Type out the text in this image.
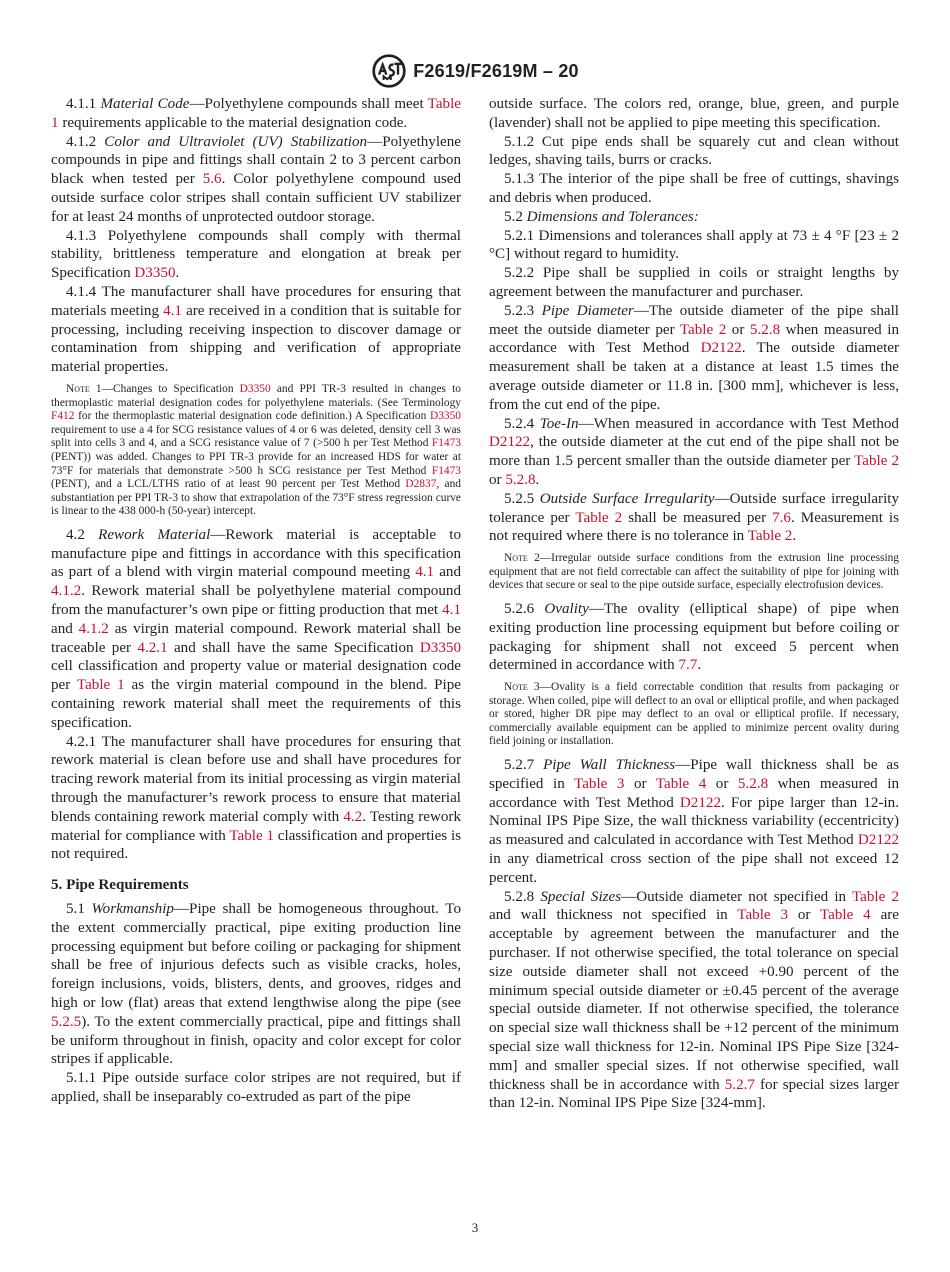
F2619/F2619M – 20

4.1.1 Material Code—Polyethylene compounds shall meet Table 1 requirements applicable to the material designation code.

4.1.2 Color and Ultraviolet (UV) Stabilization—Polyethylene compounds in pipe and fittings shall contain 2 to 3 percent carbon black when tested per 5.6. Color polyethylene compound used outside surface color stripes shall contain sufficient UV stabilizer for at least 24 months of unprotected outdoor storage.

4.1.3 Polyethylene compounds shall comply with thermal stability, brittleness temperature and elongation at break per Specification D3350.

4.1.4 The manufacturer shall have procedures for ensuring that materials meeting 4.1 are received in a condition that is suitable for processing, including receiving inspection to discover damage or contamination from shipping and verification of appropriate material properties.

Note 1—Changes to Specification D3350 and PPI TR-3 resulted in changes to thermoplastic material designation codes for polyethylene materials. (See Terminology F412 for the thermoplastic material designation code definition.) A Specification D3350 requirement to use a 4 for SCG resistance values of 4 or 6 was deleted, density cell 3 was split into cells 3 and 4, and a SCG resistance value of 7 (>500 h per Test Method F1473 (PENT)) was added. Changes to PPI TR-3 provide for an increased HDS for water at 73°F for materials that demonstrate >500 h SCG resistance per Test Method F1473 (PENT), and a LCL/LTHS ratio of at least 90 percent per Test Method D2837, and substantiation per PPI TR-3 to show that extrapolation of the 73°F stress regression curve is linear to the 438 000-h (50-year) intercept.

4.2 Rework Material—Rework material is acceptable to manufacture pipe and fittings in accordance with this specification as part of a blend with virgin material compound meeting 4.1 and 4.1.2. Rework material shall be polyethylene material compound from the manufacturer’s own pipe or fitting production that met 4.1 and 4.1.2 as virgin material compound. Rework material shall be traceable per 4.2.1 and shall have the same Specification D3350 cell classification and property value or material designation code per Table 1 as the virgin material compound in the blend. Pipe containing rework material shall meet the requirements of this specification.

4.2.1 The manufacturer shall have procedures for ensuring that rework material is clean before use and shall have procedures for tracing rework material from its initial processing as virgin material through the manufacturer’s rework process to ensure that material blends containing rework material comply with 4.2. Testing rework material for compliance with Table 1 classification and properties is not required.

5. Pipe Requirements

5.1 Workmanship—Pipe shall be homogeneous throughout. To the extent commercially practical, pipe exiting production line processing equipment but before coiling or packaging for shipment shall be free of injurious defects such as visible cracks, holes, foreign inclusions, voids, blisters, dents, and grooves, ridges and high or low (flat) areas that extend lengthwise along the pipe (see 5.2.5). To the extent commercially practical, pipe and fittings shall be uniform throughout in finish, opacity and color except for color stripes if applicable.

5.1.1 Pipe outside surface color stripes are not required, but if applied, shall be inseparably co-extruded as part of the pipe

outside surface. The colors red, orange, blue, green, and purple (lavender) shall not be applied to pipe meeting this specification.

5.1.2 Cut pipe ends shall be squarely cut and clean without ledges, shaving tails, burrs or cracks.

5.1.3 The interior of the pipe shall be free of cuttings, shavings and debris when produced.

5.2 Dimensions and Tolerances:

5.2.1 Dimensions and tolerances shall apply at 73 ± 4 °F [23 ± 2 °C] without regard to humidity.

5.2.2 Pipe shall be supplied in coils or straight lengths by agreement between the manufacturer and purchaser.

5.2.3 Pipe Diameter—The outside diameter of the pipe shall meet the outside diameter per Table 2 or 5.2.8 when measured in accordance with Test Method D2122. The outside diameter measurement shall be taken at a distance at least 1.5 times the average outside diameter or 11.8 in. [300 mm], whichever is less, from the cut end of the pipe.

5.2.4 Toe-In—When measured in accordance with Test Method D2122, the outside diameter at the cut end of the pipe shall not be more than 1.5 percent smaller than the outside diameter per Table 2 or 5.2.8.

5.2.5 Outside Surface Irregularity—Outside surface irregularity tolerance per Table 2 shall be measured per 7.6. Measurement is not required where there is no tolerance in Table 2.

Note 2—Irregular outside surface conditions from the extrusion line processing equipment that are not field correctable can affect the suitability of pipe for joining with devices that secure or seal to the pipe outside surface, especially electrofusion devices.

5.2.6 Ovality—The ovality (elliptical shape) of pipe when exiting production line processing equipment but before coiling or packaging for shipment shall not exceed 5 percent when determined in accordance with 7.7.

Note 3—Ovality is a field correctable condition that results from packaging or storage. When coiled, pipe will deflect to an oval or elliptical profile, and when packaged or stored, higher DR pipe may deflect to an oval or elliptical profile. If necessary, commercially available equipment can be applied to minimize percent ovality during field joining or installation.

5.2.7 Pipe Wall Thickness—Pipe wall thickness shall be as specified in Table 3 or Table 4 or 5.2.8 when measured in accordance with Test Method D2122. For pipe larger than 12-in. Nominal IPS Pipe Size, the wall thickness variability (eccentricity) as measured and calculated in accordance with Test Method D2122 in any diametrical cross section of the pipe shall not exceed 12 percent.

5.2.8 Special Sizes—Outside diameter not specified in Table 2 and wall thickness not specified in Table 3 or Table 4 are acceptable by agreement between the manufacturer and the purchaser. If not otherwise specified, the total tolerance on special size outside diameter shall not exceed +0.90 percent of the minimum special outside diameter or ±0.45 percent of the average special outside diameter. If not otherwise specified, the tolerance on special size wall thickness shall be +12 percent of the minimum special size wall thickness for 12-in. Nominal IPS Pipe Size [324-mm] and smaller special sizes. If not otherwise specified, wall thickness shall be in accordance with 5.2.7 for special sizes larger than 12-in. Nominal IPS Pipe Size [324-mm].

3
